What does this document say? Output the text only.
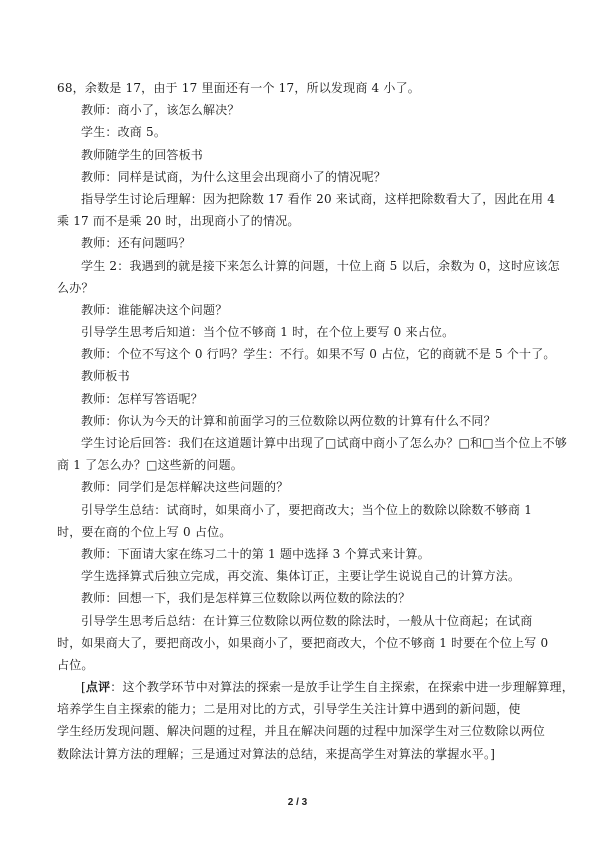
68，余数是 17，由于 17 里面还有一个 17，所以发现商 4 小了。
教师：商小了，该怎么解决？
学生：改商 5。
教师随学生的回答板书
教师：同样是试商，为什么这里会出现商小了的情况呢？
指导学生讨论后理解：因为把除数 17 看作 20 来试商，这样把除数看大了，因此在用 4
乘 17 而不是乘 20 时，出现商小了的情况。
教师：还有问题吗？
学生 2：我遇到的就是接下来怎么计算的问题，十位上商 5 以后，余数为 0，这时应该怎
么办？
教师：谁能解决这个问题？
引导学生思考后知道：当个位不够商 1 时，在个位上要写 0 来占位。
教师：个位不写这个 0 行吗？学生：不行。如果不写 0 占位，它的商就不是 5 个十了。
教师板书
教师：怎样写答语呢？
教师：你认为今天的计算和前面学习的三位数除以两位数的计算有什么不同？
学生讨论后回答：我们在这道题计算中出现了□试商中商小了怎么办？□和□当个位上不够
商 1 了怎么办？□这些新的问题。
教师：同学们是怎样解决这些问题的？
引导学生总结：试商时，如果商小了，要把商改大；当个位上的数除以除数不够商 1
时，要在商的个位上写 0 占位。
教师：下面请大家在练习二十的第 1 题中选择 3 个算式来计算。
学生选择算式后独立完成，再交流、集体订正，主要让学生说说自己的计算方法。
教师：回想一下，我们是怎样算三位数除以两位数的除法的？
引导学生思考后总结：在计算三位数除以两位数的除法时，一般从十位商起；在试商
时，如果商大了，要把商改小，如果商小了，要把商改大，个位不够商 1 时要在个位上写 0
占位。
[点评：这个教学环节中对算法的探索一是放手让学生自主探索，在探索中进一步理解算理，
培养学生自主探索的能力；二是用对比的方式，引导学生关注计算中遇到的新问题，使
学生经历发现问题、解决问题的过程，并且在解决问题的过程中加深学生对三位数除以两位
数除法计算方法的理解；三是通过对算法的总结，来提高学生对算法的掌握水平。]
2 / 3
